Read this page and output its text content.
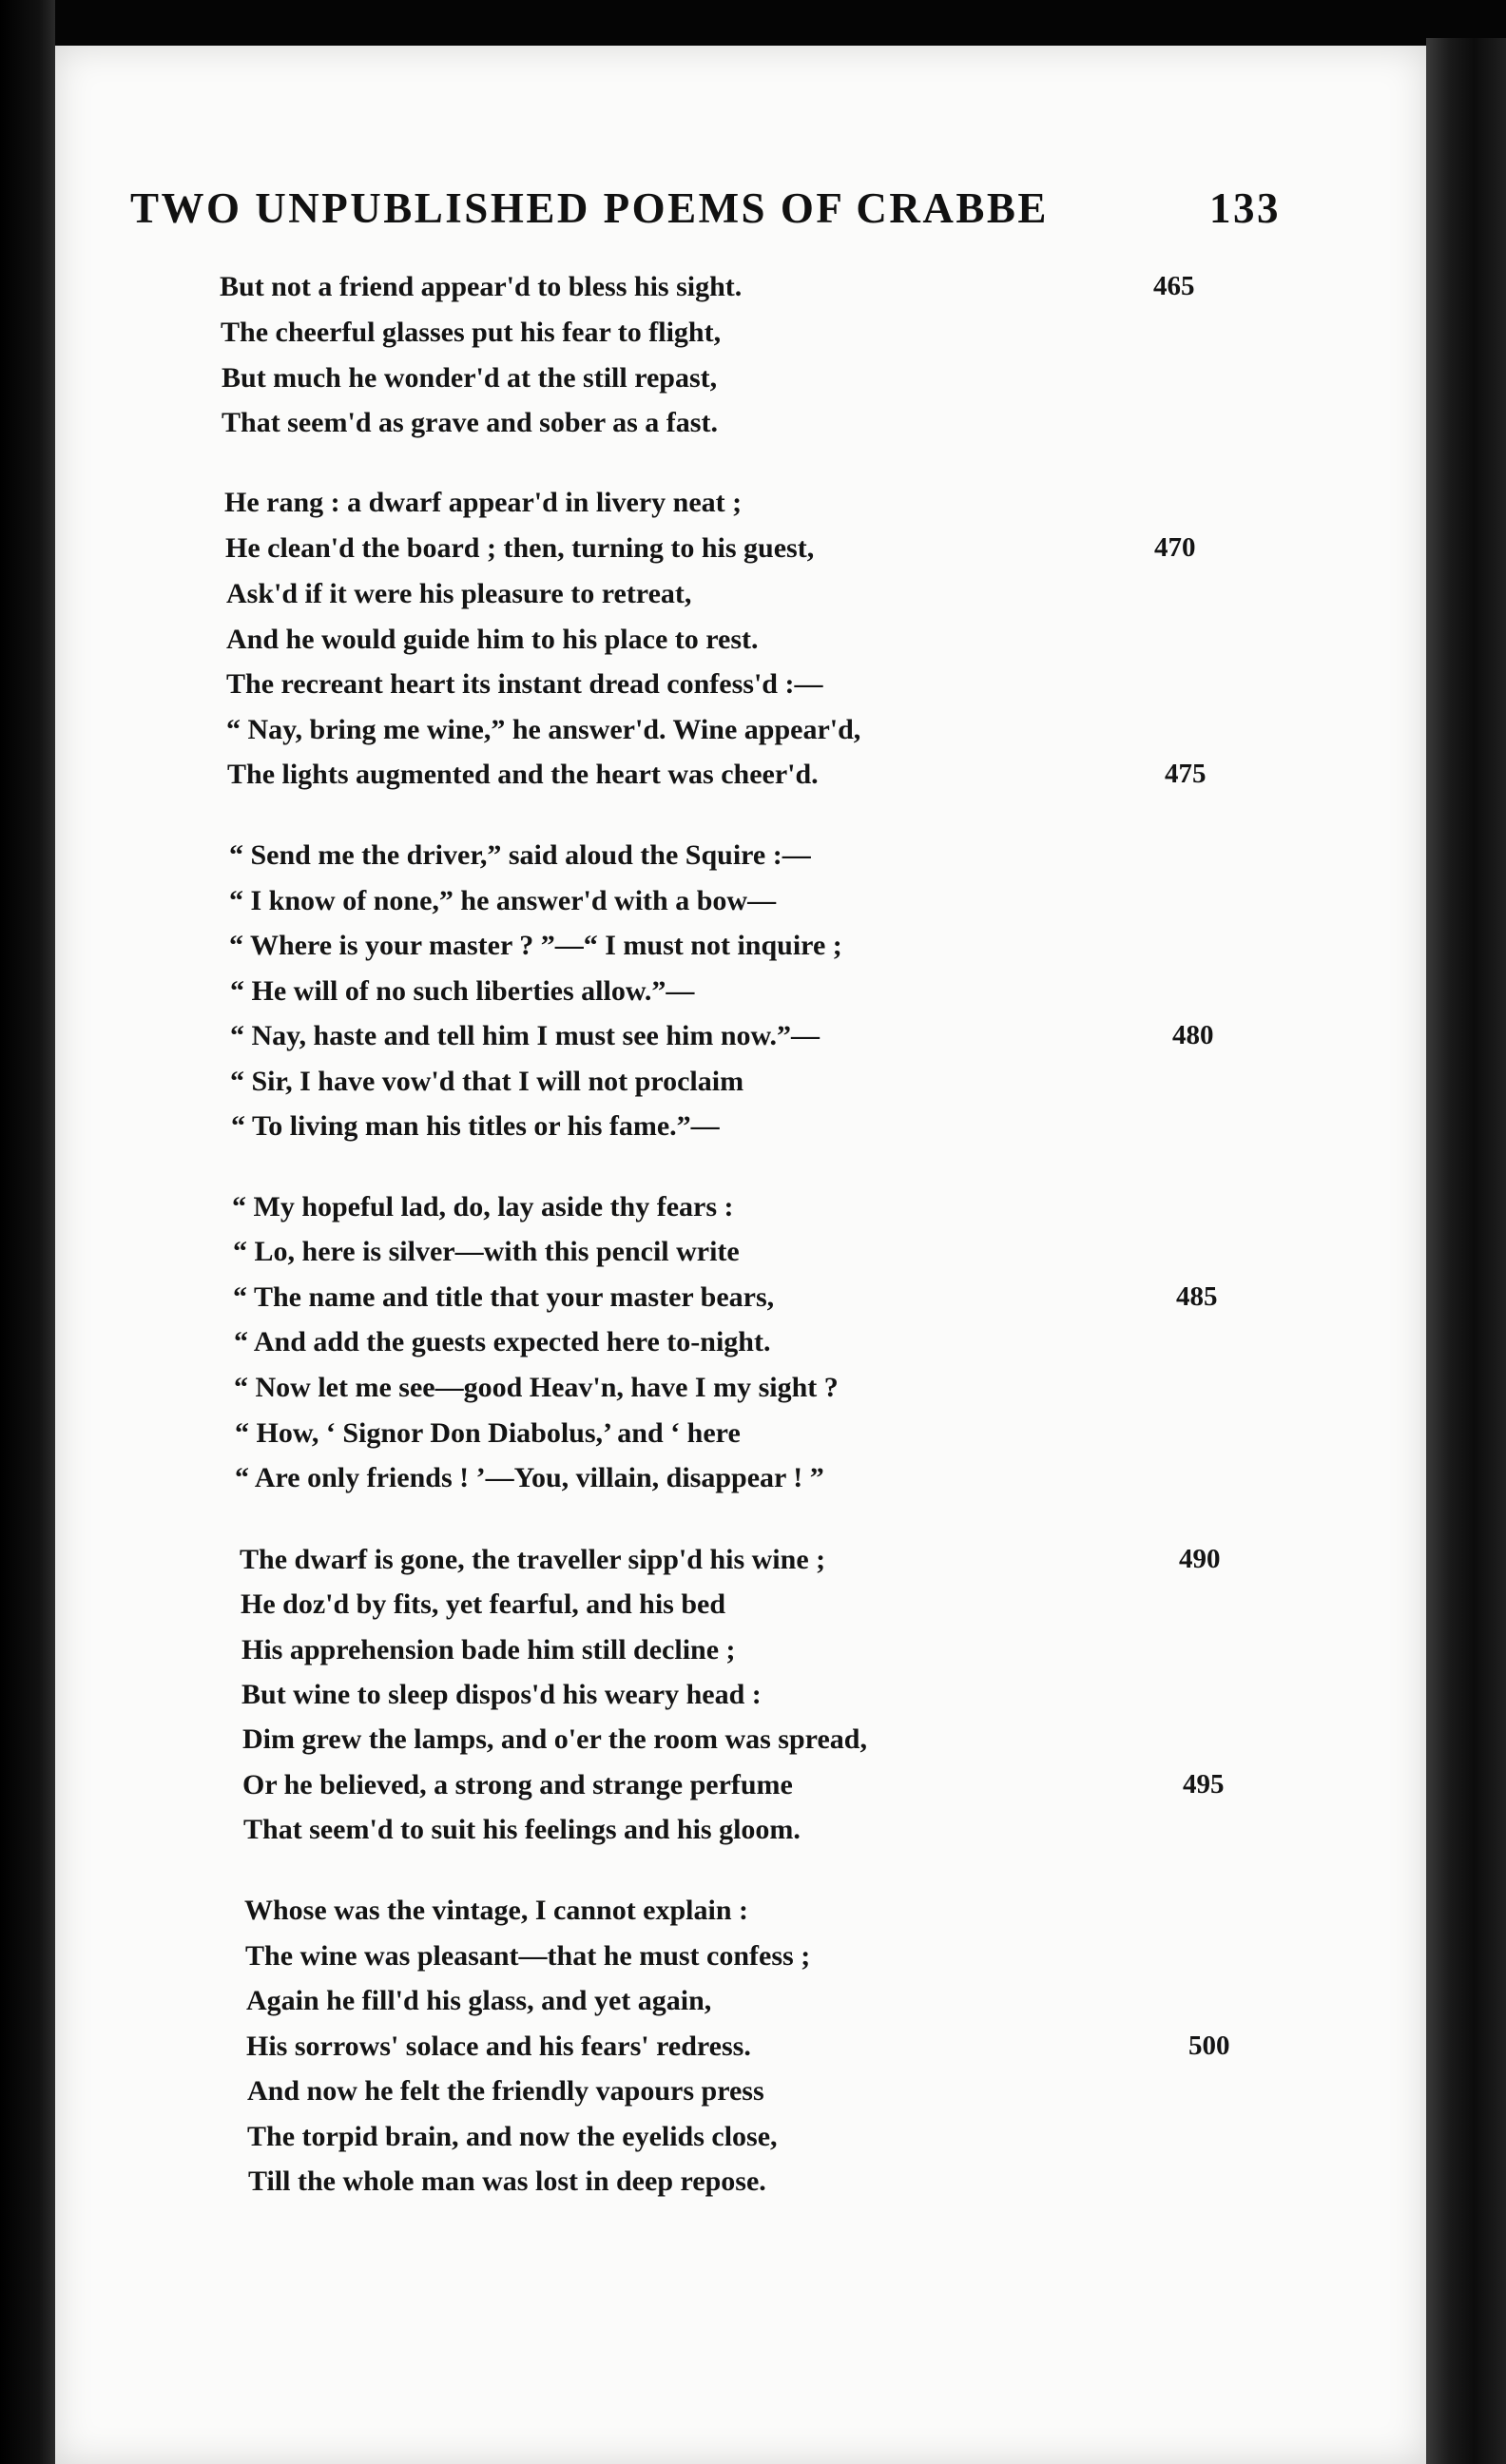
TWO UNPUBLISHED POEMS OF CRABBE	133
But not a friend appear'd to bless his sight.
The cheerful glasses put his fear to flight,
But much he wonder'd at the still repast,
That seem'd as grave and sober as a fast.
He rang : a dwarf appear'd in livery neat ;
He clean'd the board ; then, turning to his guest,
Ask'd if it were his pleasure to retreat,
And he would guide him to his place to rest.
The recreant heart its instant dread confess'd :—
“ Nay, bring me wine,” he answer'd. Wine appear'd,
The lights augmented and the heart was cheer'd.
“ Send me the driver,” said aloud the Squire :—
“ I know of none,” he answer'd with a bow—
“ Where is your master ? ”—“ I must not inquire ;
“ He will of no such liberties allow.”—
“ Nay, haste and tell him I must see him now.”—
“ Sir, I have vow'd that I will not proclaim
“ To living man his titles or his fame.”—
“ My hopeful lad, do, lay aside thy fears :
“ Lo, here is silver—with this pencil write
“ The name and title that your master bears,
“ And add the guests expected here to-night.
“ Now let me see—good Heav'n, have I my sight ?
“ How, ‘ Signor Don Diabolus,’ and ‘ here
“ Are only friends ! ’—You, villain, disappear ! ”
The dwarf is gone, the traveller sipp'd his wine ;
He doz'd by fits, yet fearful, and his bed
His apprehension bade him still decline ;
But wine to sleep dispos'd his weary head :
Dim grew the lamps, and o'er the room was spread,
Or he believed, a strong and strange perfume
That seem'd to suit his feelings and his gloom.
Whose was the vintage, I cannot explain :
The wine was pleasant—that he must confess ;
Again he fill'd his glass, and yet again,
His sorrows' solace and his fears' redress.
And now he felt the friendly vapours press
The torpid brain, and now the eyelids close,
Till the whole man was lost in deep repose.
465
470
475
480
485
490
495
500
